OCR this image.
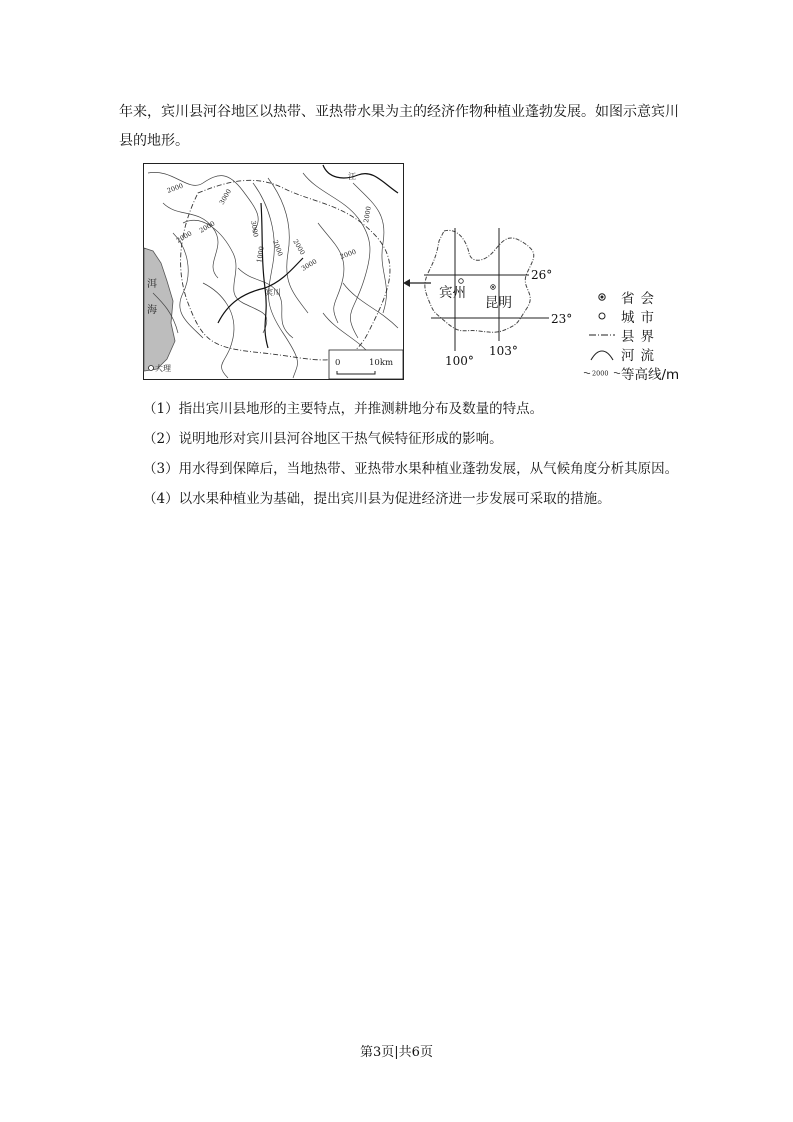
年来，宾川县河谷地区以热带、亚热带水果为主的经济作物种植业蓬勃发展。如图示意宾川县的地形。

2000	3000
2000
1000 2000
3000
2000	2000
3000
2000
2000
宾川
大理
洱
海
江
0	10km
宾州
昆明
26°
23°
100°
103°
省会
城市
县界
河流
2000 等高线/m
（1）指出宾川县地形的主要特点，并推测耕地分布及数量的特点。
（2）说明地形对宾川县河谷地区干热气候特征形成的影响。
（3）用水得到保障后，当地热带、亚热带水果种植业蓬勃发展，从气候角度分析其原因。
（4）以水果种植业为基础，提出宾川县为促进经济进一步发展可采取的措施。
第3页|共6页
